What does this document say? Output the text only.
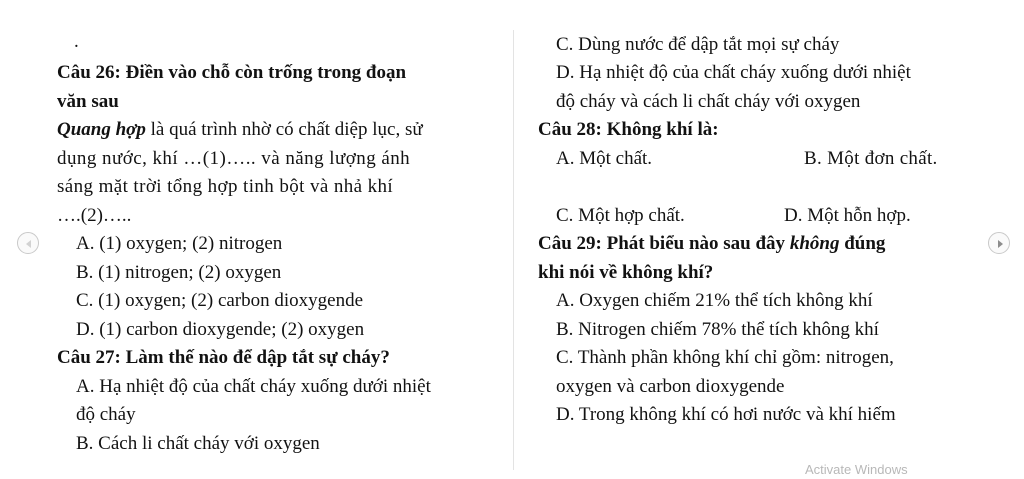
.
Câu 26: Điền vào chỗ còn trống trong đoạn
văn sau
Quang hợp là quá trình nhờ có chất diệp lục, sử
dụng nước, khí …(1)….. và năng lượng ánh
sáng mặt trời tổng hợp tinh bột và nhả khí
….(2)…..
A. (1) oxygen; (2) nitrogen
B. (1) nitrogen; (2) oxygen
C. (1) oxygen; (2) carbon dioxygende
D. (1) carbon dioxygende; (2) oxygen
Câu 27: Làm thế nào để dập tắt sự cháy?
A. Hạ nhiệt độ của chất cháy xuống dưới nhiệt
độ cháy
B. Cách li chất cháy với oxygen
C. Dùng nước để dập tắt mọi sự cháy
D. Hạ nhiệt độ của chất cháy xuống dưới nhiệt
độ cháy và cách li chất cháy với oxygen
Câu 28: Không khí là:
A. Một chất.	B. Một đơn chất.
C. Một hợp chất.	D. Một hỗn hợp.
Câu 29: Phát biểu nào sau đây không đúng
khi nói về không khí?
A. Oxygen chiếm 21% thể tích không khí
B. Nitrogen chiếm 78% thể tích không khí
C. Thành phần không khí chỉ gồm: nitrogen,
oxygen và carbon dioxygende
D. Trong không khí có hơi nước và khí hiếm
Activate Windows
